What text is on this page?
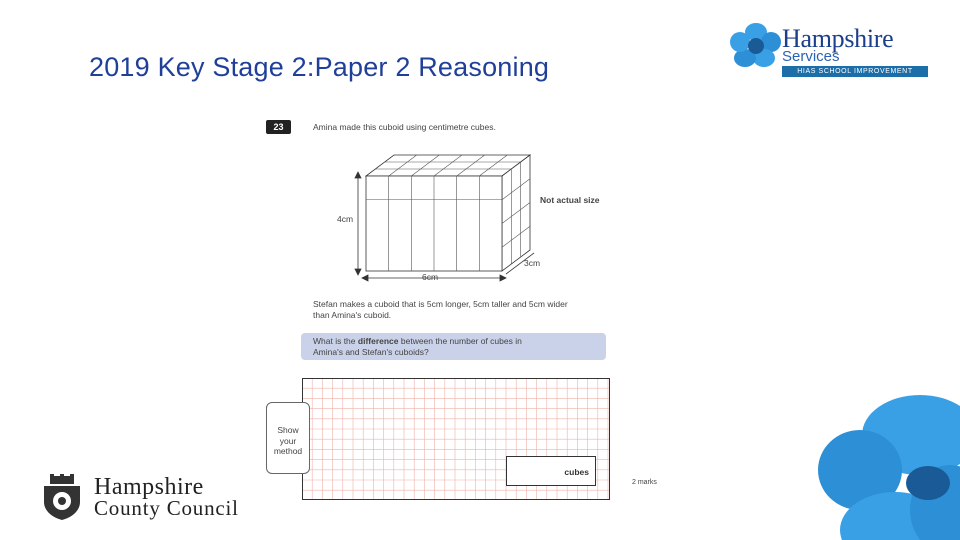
2019 Key Stage 2:Paper 2 Reasoning
Hampshire
Services
HIAS SCHOOL IMPROVEMENT
23	Amina made this cuboid using centimetre cubes.
4cm
6cm
3cm
Not actual size
Stefan makes a cuboid that is 5cm longer, 5cm taller and 5cm wider
than Amina's cuboid.
What is the difference between the number of cubes in
Amina's and Stefan's cuboids?
Show
your
method
cubes
2 marks
Hampshire
County Council
